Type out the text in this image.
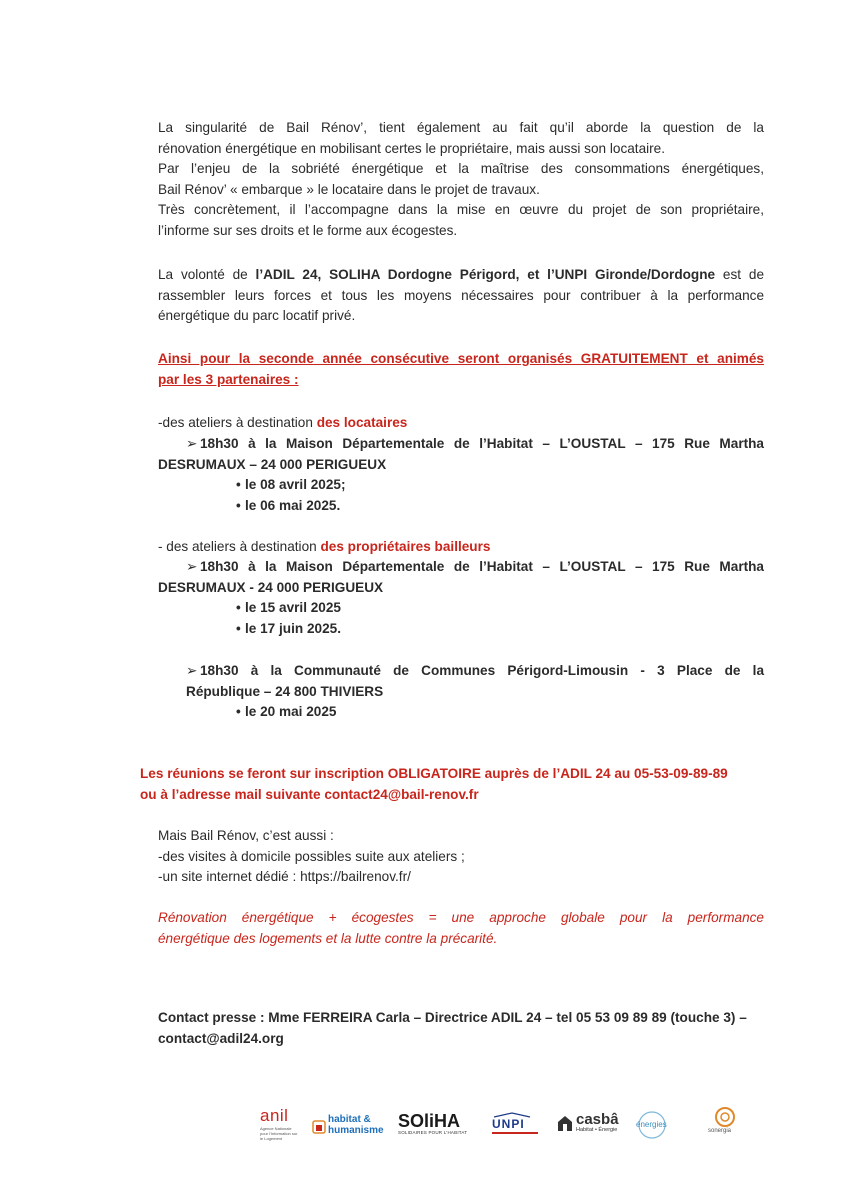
La singularité de Bail Rénov’, tient également au fait qu’il aborde la question de la
rénovation énergétique en mobilisant certes le propriétaire, mais aussi son locataire.
Par l’enjeu de la sobriété énergétique et la maîtrise des consommations énergétiques,
Bail Rénov’ « embarque » le locataire dans le projet de travaux.
Très concrètement, il l’accompagne dans la mise en œuvre du projet de son propriétaire,
l’informe sur ses droits et le forme aux écogestes.
La volonté de l’ADIL 24, SOLIHA Dordogne Périgord, et l’UNPI Gironde/Dordogne est de
rassembler leurs forces et tous les moyens nécessaires pour contribuer à la performance
énergétique du parc locatif privé.
Ainsi pour la seconde année consécutive seront organisés GRATUITEMENT et animés
par les 3 partenaires :
-des ateliers à destination des locataires
➢ 18h30 à la Maison Départementale de l’Habitat – L’OUSTAL – 175 Rue Martha
DESRUMAUX – 24 000 PERIGUEUX
• le 08 avril 2025;
• le 06 mai 2025.
- des ateliers à destination des propriétaires bailleurs
➢ 18h30 à la Maison Départementale de l’Habitat – L’OUSTAL – 175 Rue Martha
DESRUMAUX - 24 000 PERIGUEUX
• le 15 avril 2025
• le 17 juin 2025.
➢ 18h30 à la Communauté de Communes Périgord-Limousin - 3 Place de la
République – 24 800 THIVIERS
• le 20 mai 2025
Les réunions se feront sur inscription OBLIGATOIRE auprès de l’ADIL 24 au 05-53-09-89-89
ou à l’adresse mail suivante contact24@bail-renov.fr
Mais Bail Rénov, c’est aussi :
-des visites à domicile possibles suite aux ateliers ;
-un site internet dédié : https://bailrenov.fr/
Rénovation énergétique + écogestes = une approche globale pour la performance
énergétique des logements et la lutte contre la précarité.
Contact presse : Mme FERREIRA Carla – Directrice ADIL 24 – tel 05 53 09 89 89 (touche 3) –
contact@adil24.org
anil
Agence Nationale pour l'Information sur le Logement
habitat &
humanisme SOliHA
SOLIDAIRES POUR L'HABITAT
UNPI	casbâ
Habitat • Énergie
énergies
sonergia
